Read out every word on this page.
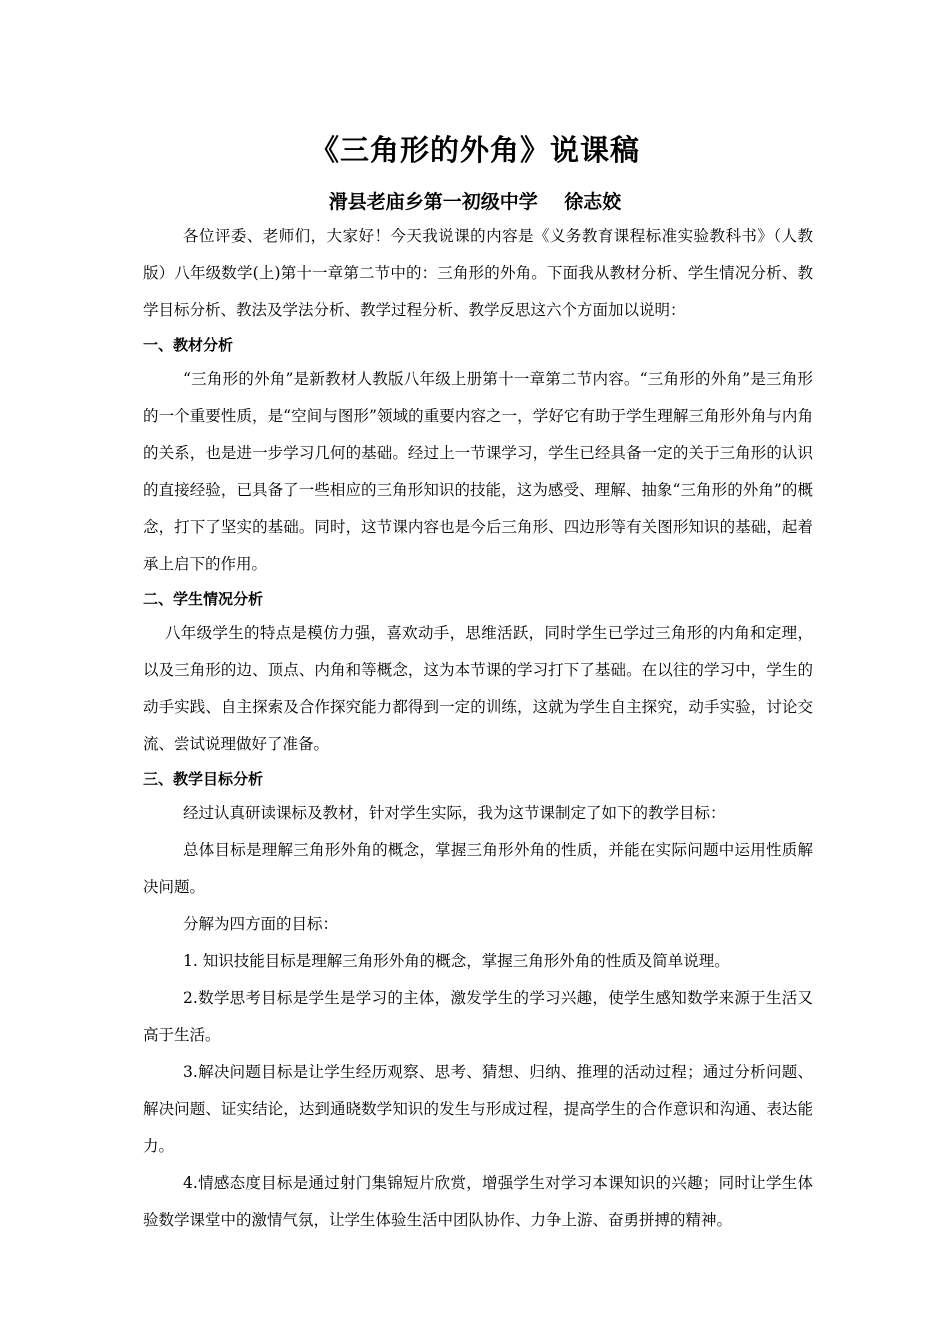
《三角形的外角》说课稿
滑县老庙乡第一初级中学    徐志姣

各位评委、老师们，大家好！今天我说课的内容是《义务教育课程标准实验教科书》（人教版）八年级数学(上)第十一章第二节中的：三角形的外角。下面我从教材分析、学生情况分析、教学目标分析、教法及学法分析、教学过程分析、教学反思这六个方面加以说明：

一、教材分析

“三角形的外角”是新教材人教版八年级上册第十一章第二节内容。“三角形的外角”是三角形的一个重要性质，是“空间与图形”领域的重要内容之一，学好它有助于学生理解三角形外角与内角的关系，也是进一步学习几何的基础。经过上一节课学习，学生已经具备一定的关于三角形的认识的直接经验，已具备了一些相应的三角形知识的技能，这为感受、理解、抽象“三角形的外角”的概念，打下了坚实的基础。同时，这节课内容也是今后三角形、四边形等有关图形知识的基础，起着承上启下的作用。

二、学生情况分析

八年级学生的特点是模仿力强，喜欢动手，思维活跃，同时学生已学过三角形的内角和定理，以及三角形的边、顶点、内角和等概念，这为本节课的学习打下了基础。在以往的学习中，学生的动手实践、自主探索及合作探究能力都得到一定的训练，这就为学生自主探究，动手实验，讨论交流、尝试说理做好了准备。

三、教学目标分析

经过认真研读课标及教材，针对学生实际，我为这节课制定了如下的教学目标：

总体目标是理解三角形外角的概念，掌握三角形外角的性质，并能在实际问题中运用性质解决问题。

分解为四方面的目标：

1. 知识技能目标是理解三角形外角的概念，掌握三角形外角的性质及简单说理。

2.数学思考目标是学生是学习的主体，激发学生的学习兴趣，使学生感知数学来源于生活又高于生活。

3.解决问题目标是让学生经历观察、思考、猜想、归纳、推理的活动过程；通过分析问题、解决问题、证实结论，达到通晓数学知识的发生与形成过程，提高学生的合作意识和沟通、表达能力。

4.情感态度目标是通过射门集锦短片欣赏，增强学生对学习本课知识的兴趣；同时让学生体验数学课堂中的激情气氛，让学生体验生活中团队协作、力争上游、奋勇拼搏的精神。
